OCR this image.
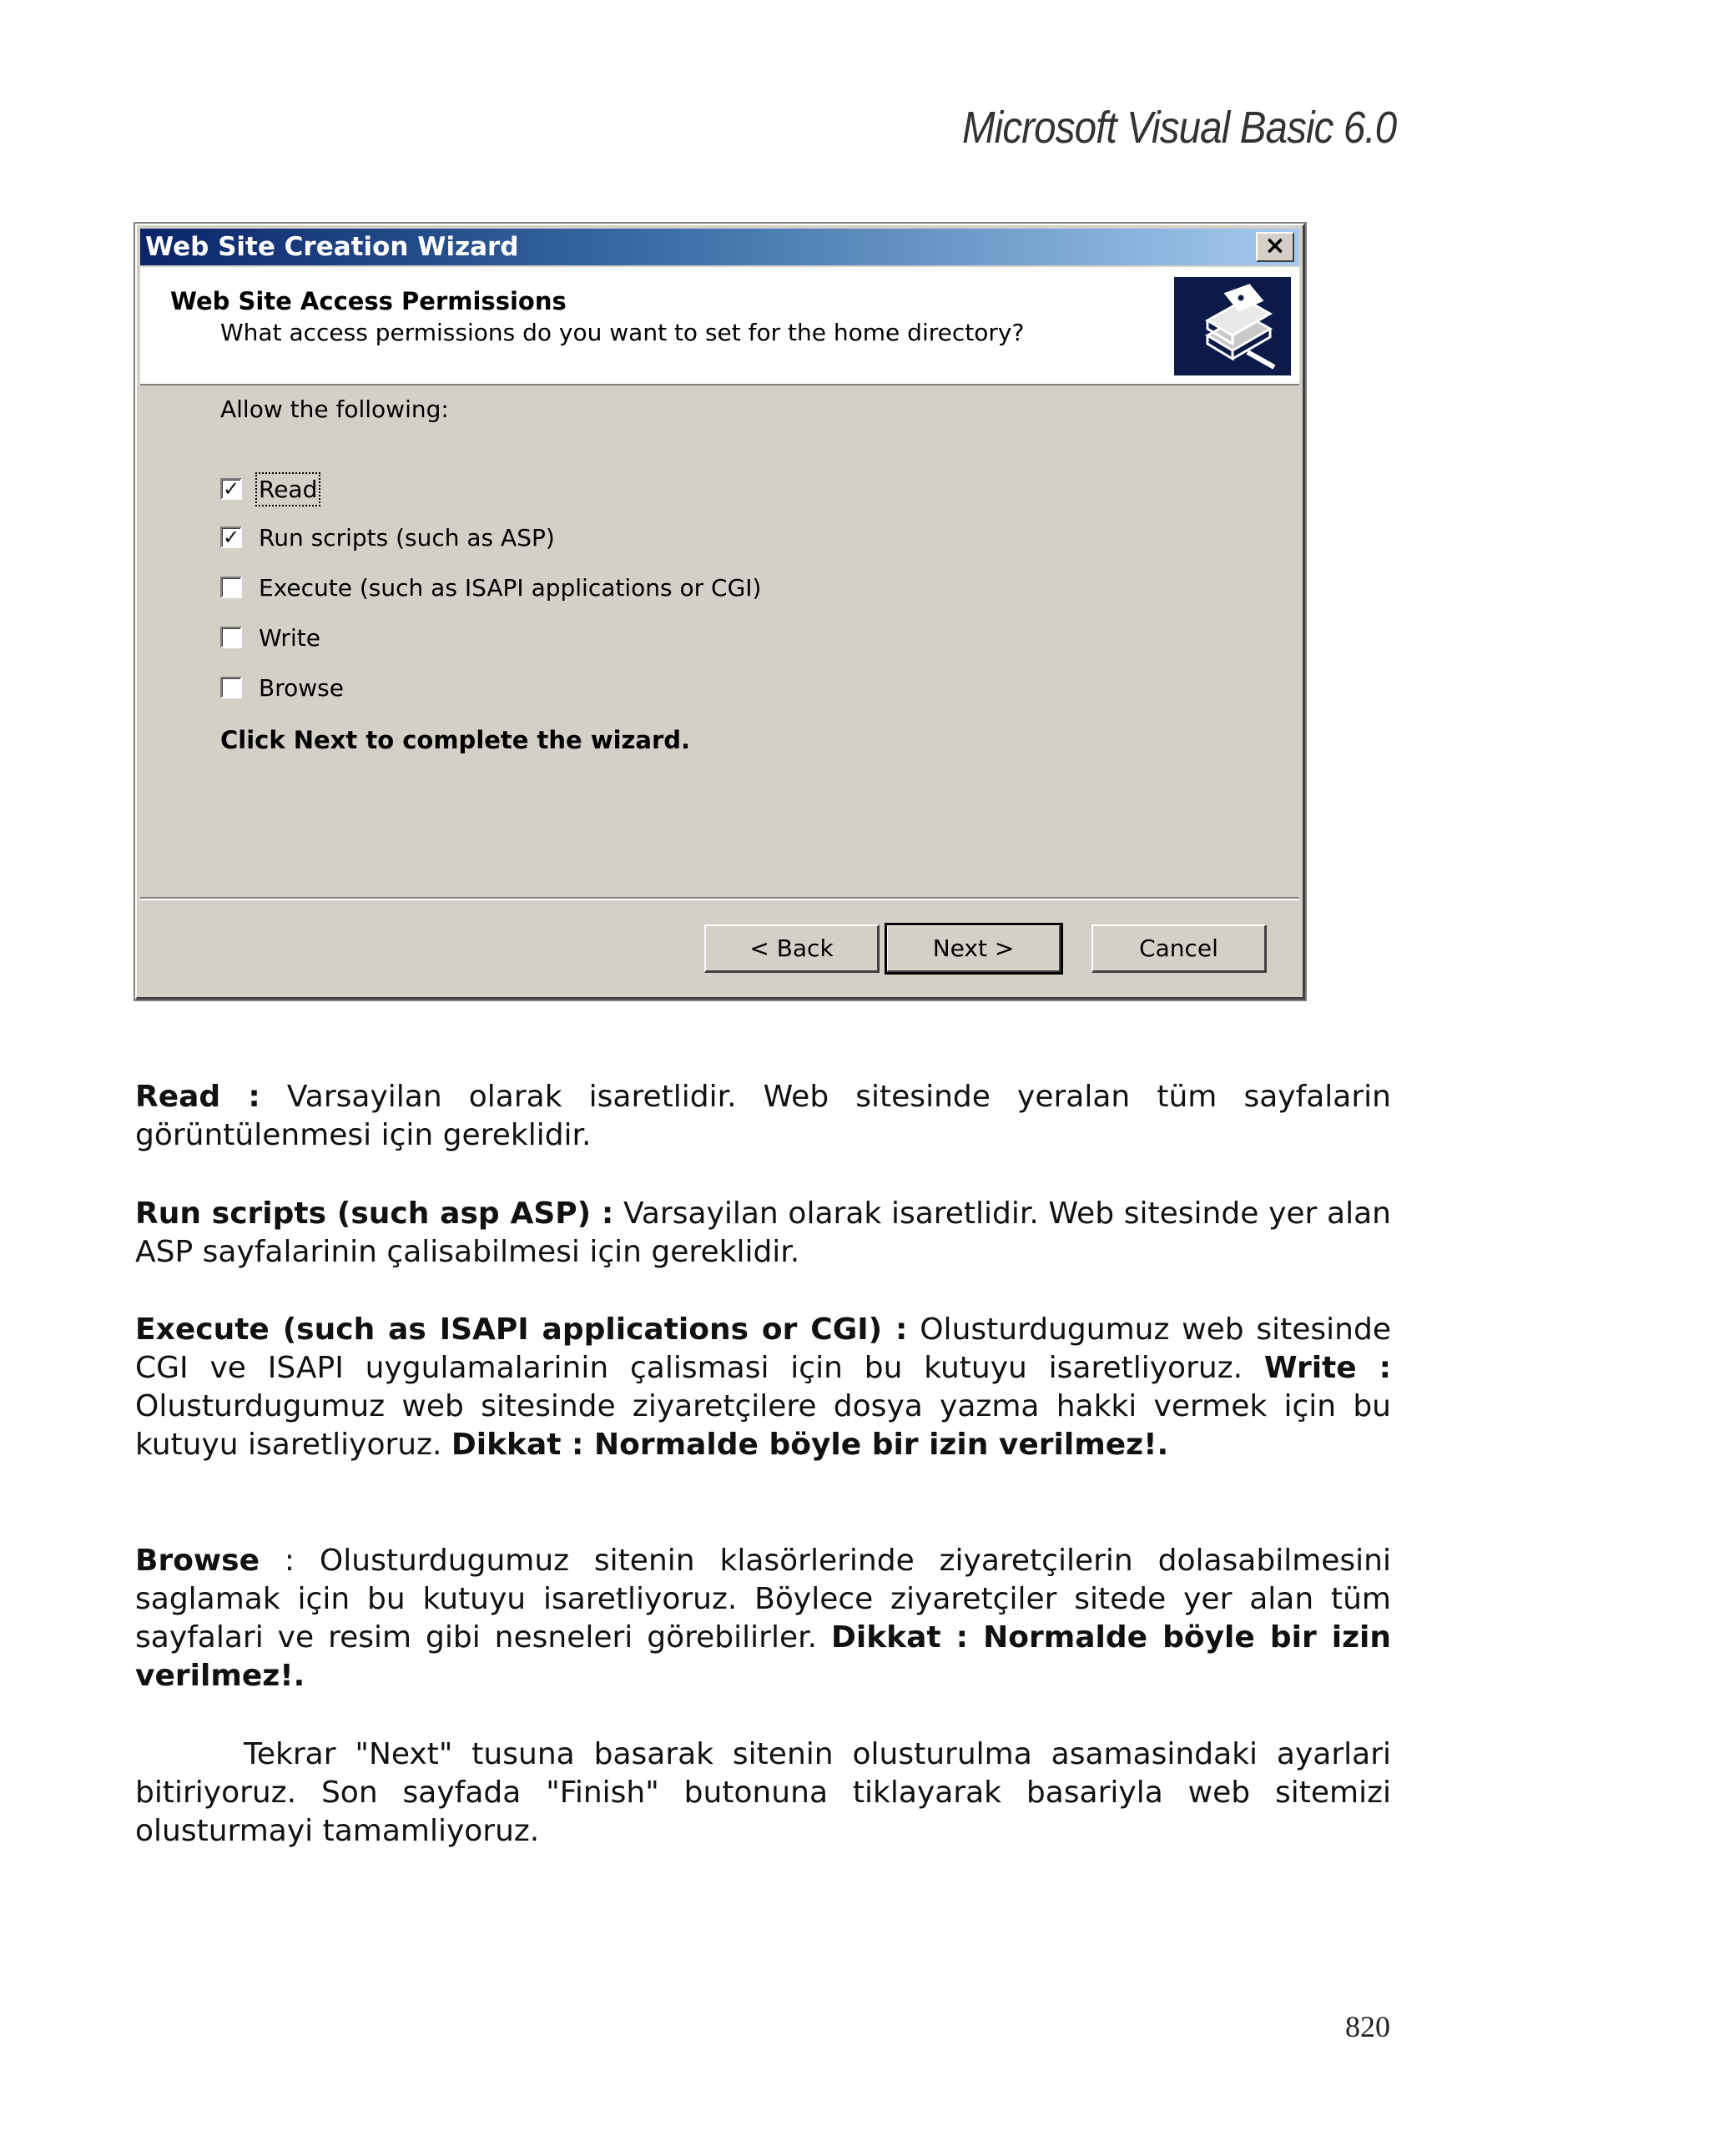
Microsoft Visual Basic 6.0
Web Site Creation Wizard	×
Web Site Access Permissions
What access permissions do you want to set for the home directory?
Allow the following:
✓ Read
✓ Run scripts (such as ASP)
Execute (such as ISAPI applications or CGI)
Write
Browse
Click Next to complete the wizard.
< Back	Next >	Cancel
Read : Varsayilan olarak isaretlidir. Web sitesinde yeralan tüm sayfalarin görüntülenmesi için gereklidir.
Run scripts (such asp ASP) : Varsayilan olarak isaretlidir. Web sitesinde yer alan ASP sayfalarinin çalisabilmesi için gereklidir.
Execute (such as ISAPI applications or CGI) : Olusturdugumuz web sitesinde CGI ve ISAPI uygulamalarinin çalismasi için bu kutuyu isaretliyoruz. Write : Olusturdugumuz web sitesinde ziyaretçilere dosya yazma hakki vermek için bu kutuyu isaretliyoruz. Dikkat : Normalde böyle bir izin verilmez!.
Browse : Olusturdugumuz sitenin klasörlerinde ziyaretçilerin dolasabilmesini saglamak için bu kutuyu isaretliyoruz. Böylece ziyaretçiler sitede yer alan tüm sayfalari ve resim gibi nesneleri görebilirler. Dikkat : Normalde böyle bir izin verilmez!.
Tekrar "Next" tusuna basarak sitenin olusturulma asamasindaki ayarlari bitiriyoruz. Son sayfada "Finish" butonuna tiklayarak basariyla web sitemizi olusturmayi tamamliyoruz.
820
